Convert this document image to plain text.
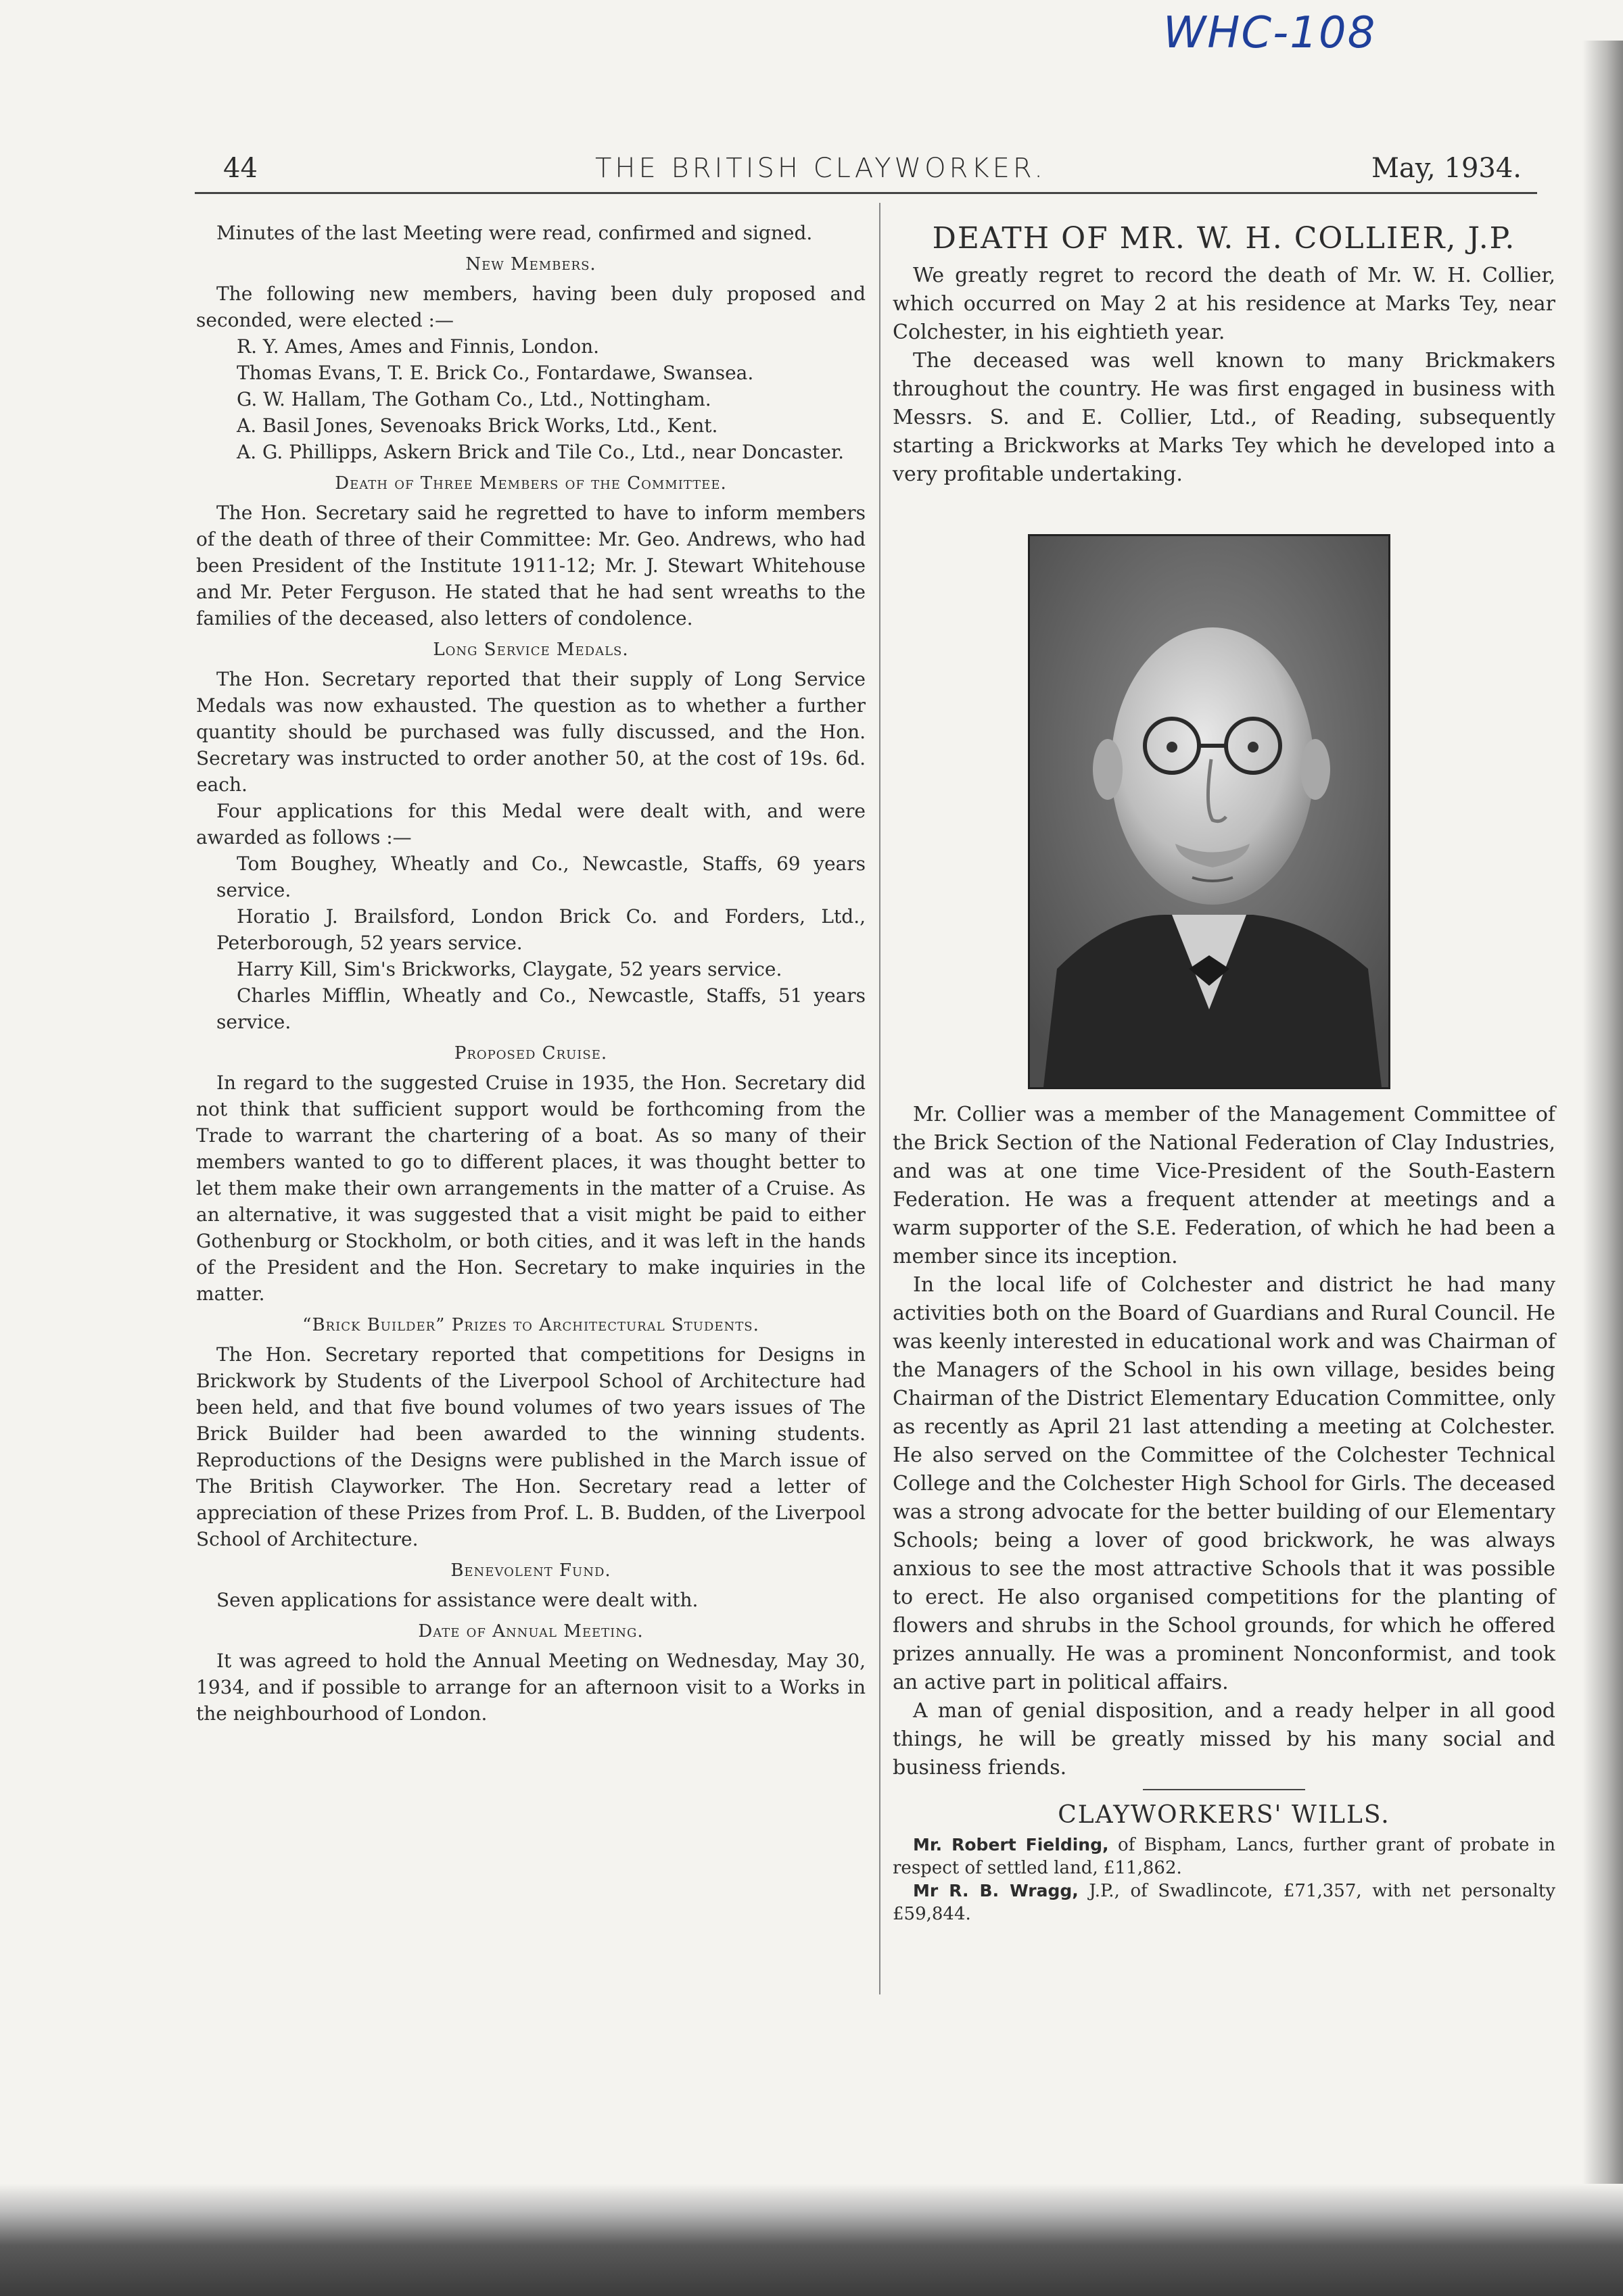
WHC-108
44	THE BRITISH CLAYWORKER.	May, 1934.

Minutes of the last Meeting were read, confirmed and signed.

New Members.

The following new members, having been duly proposed and seconded, were elected :—

R. Y. Ames, Ames and Finnis, London.

Thomas Evans, T. E. Brick Co., Fontardawe, Swansea.

G. W. Hallam, The Gotham Co., Ltd., Nottingham.

A. Basil Jones, Sevenoaks Brick Works, Ltd., Kent.

A. G. Phillipps, Askern Brick and Tile Co., Ltd., near Doncaster.

Death of Three Members of the Committee.

The Hon. Secretary said he regretted to have to inform members of the death of three of their Committee: Mr. Geo. Andrews, who had been President of the Institute 1911-12; Mr. J. Stewart Whitehouse and Mr. Peter Ferguson. He stated that he had sent wreaths to the families of the deceased, also letters of condolence.

Long Service Medals.

The Hon. Secretary reported that their supply of Long Service Medals was now exhausted. The question as to whether a further quantity should be purchased was fully discussed, and the Hon. Secretary was instructed to order another 50, at the cost of 19s. 6d. each.

Four applications for this Medal were dealt with, and were awarded as follows :—

Tom Boughey, Wheatly and Co., Newcastle, Staffs, 69 years service.

Horatio J. Brailsford, London Brick Co. and Forders, Ltd., Peterborough, 52 years service.

Harry Kill, Sim's Brickworks, Claygate, 52 years service.

Charles Mifflin, Wheatly and Co., Newcastle, Staffs, 51 years service.

Proposed Cruise.

In regard to the suggested Cruise in 1935, the Hon. Secretary did not think that sufficient support would be forthcoming from the Trade to warrant the chartering of a boat. As so many of their members wanted to go to different places, it was thought better to let them make their own arrangements in the matter of a Cruise. As an alternative, it was suggested that a visit might be paid to either Gothenburg or Stockholm, or both cities, and it was left in the hands of the President and the Hon. Secretary to make inquiries in the matter.

“Brick Builder” Prizes to Architectural Students.

The Hon. Secretary reported that competitions for Designs in Brickwork by Students of the Liverpool School of Architecture had been held, and that five bound volumes of two years issues of The Brick Builder had been awarded to the winning students. Reproductions of the Designs were published in the March issue of The British Clayworker. The Hon. Secretary read a letter of appreciation of these Prizes from Prof. L. B. Budden, of the Liverpool School of Architecture.

Benevolent Fund.

Seven applications for assistance were dealt with.

Date of Annual Meeting.

It was agreed to hold the Annual Meeting on Wednesday, May 30, 1934, and if possible to arrange for an afternoon visit to a Works in the neighbourhood of London.

DEATH OF MR. W. H. COLLIER, J.P.

We greatly regret to record the death of Mr. W. H. Collier, which occurred on May 2 at his residence at Marks Tey, near Colchester, in his eightieth year.

The deceased was well known to many Brickmakers throughout the country. He was first engaged in business with Messrs. S. and E. Collier, Ltd., of Reading, subsequently starting a Brickworks at Marks Tey which he developed into a very profitable undertaking.

Mr. Collier was a member of the Management Committee of the Brick Section of the National Federation of Clay Industries, and was at one time Vice-President of the South-Eastern Federation. He was a frequent attender at meetings and a warm supporter of the S.E. Federation, of which he had been a member since its inception.

In the local life of Colchester and district he had many activities both on the Board of Guardians and Rural Council. He was keenly interested in educational work and was Chairman of the Managers of the School in his own village, besides being Chairman of the District Elementary Education Committee, only as recently as April 21 last attending a meeting at Colchester. He also served on the Committee of the Colchester Technical College and the Colchester High School for Girls. The deceased was a strong advocate for the better building of our Elementary Schools; being a lover of good brickwork, he was always anxious to see the most attractive Schools that it was possible to erect. He also organised competitions for the planting of flowers and shrubs in the School grounds, for which he offered prizes annually. He was a prominent Nonconformist, and took an active part in political affairs.

A man of genial disposition, and a ready helper in all good things, he will be greatly missed by his many social and business friends.

CLAYWORKERS' WILLS.

Mr. Robert Fielding, of Bispham, Lancs, further grant of probate in respect of settled land, £11,862.

Mr R. B. Wragg, J.P., of Swadlincote, £71,357, with net personalty £59,844.
